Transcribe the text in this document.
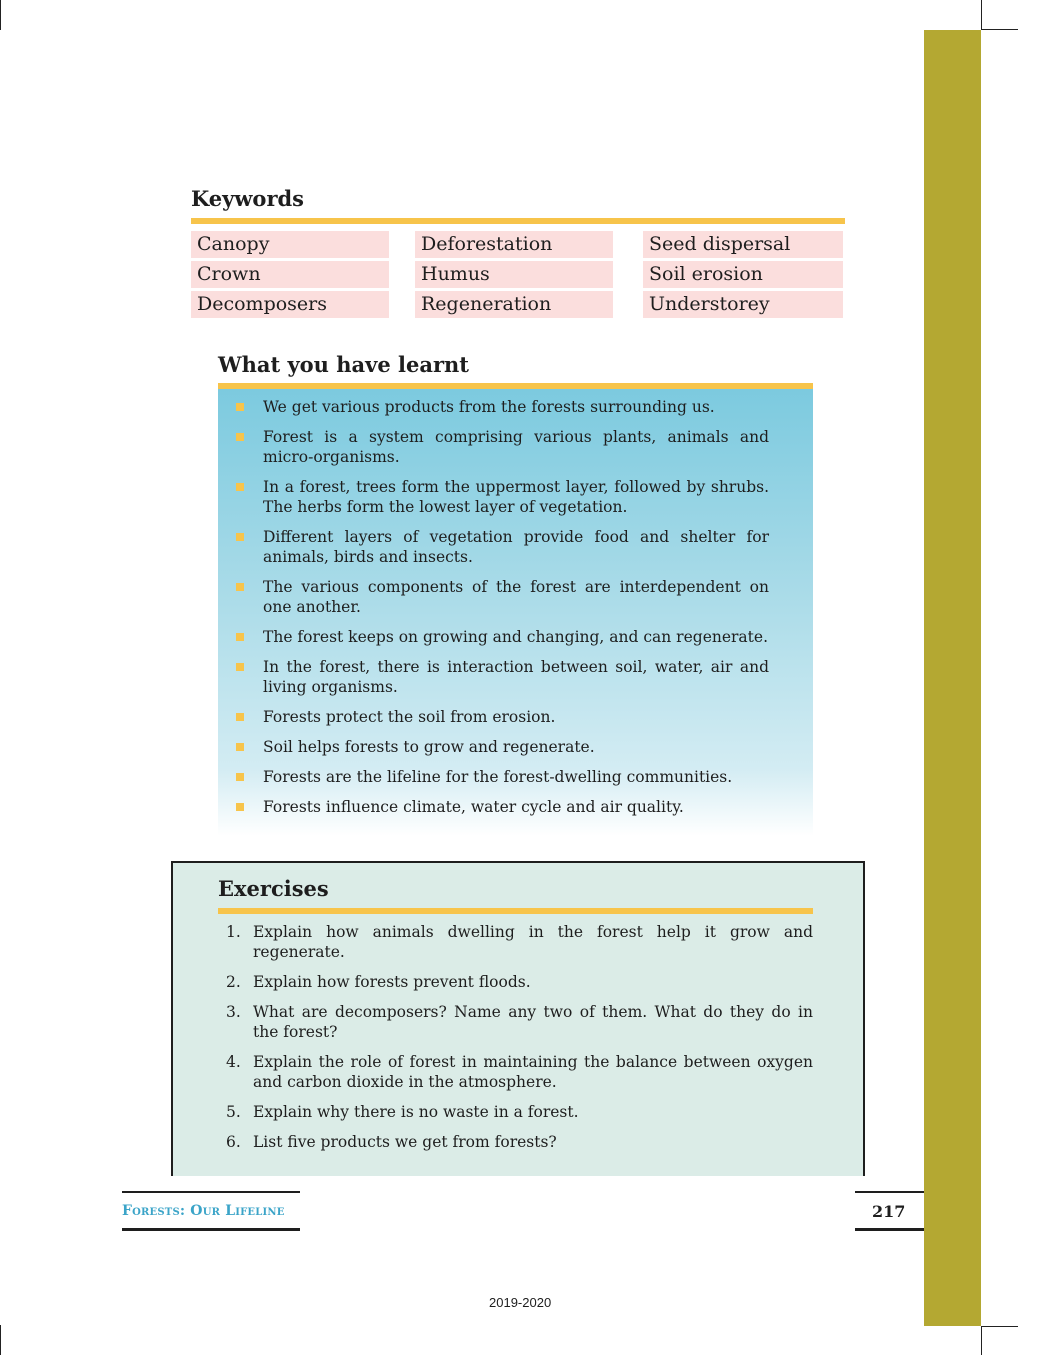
Keywords
Canopy
Crown
Decomposers
Deforestation
Humus
Regeneration
Seed dispersal
Soil erosion
Understorey
What you have learnt
We get various products from the forests surrounding us.
Forest is a system comprising various plants, animals and micro-organisms.
In a forest, trees form the uppermost layer, followed by shrubs. The herbs form the lowest layer of vegetation.
Different layers of vegetation provide food and shelter for animals, birds and insects.
The various components of the forest are interdependent on one another.
The forest keeps on growing and changing, and can regenerate.
In the forest, there is interaction between soil, water, air and living organisms.
Forests protect the soil from erosion.
Soil helps forests to grow and regenerate.
Forests are the lifeline for the forest-dwelling communities.
Forests influence climate, water cycle and air quality.
Exercises
1. Explain how animals dwelling in the forest help it grow and regenerate.
2. Explain how forests prevent floods.
3. What are decomposers? Name any two of them. What do they do in the forest?
4. Explain the role of forest in maintaining the balance between oxygen and carbon dioxide in the atmosphere.
5. Explain why there is no waste in a forest.
6. List five products we get from forests?
Forests: Our Lifeline	217
2019-2020
